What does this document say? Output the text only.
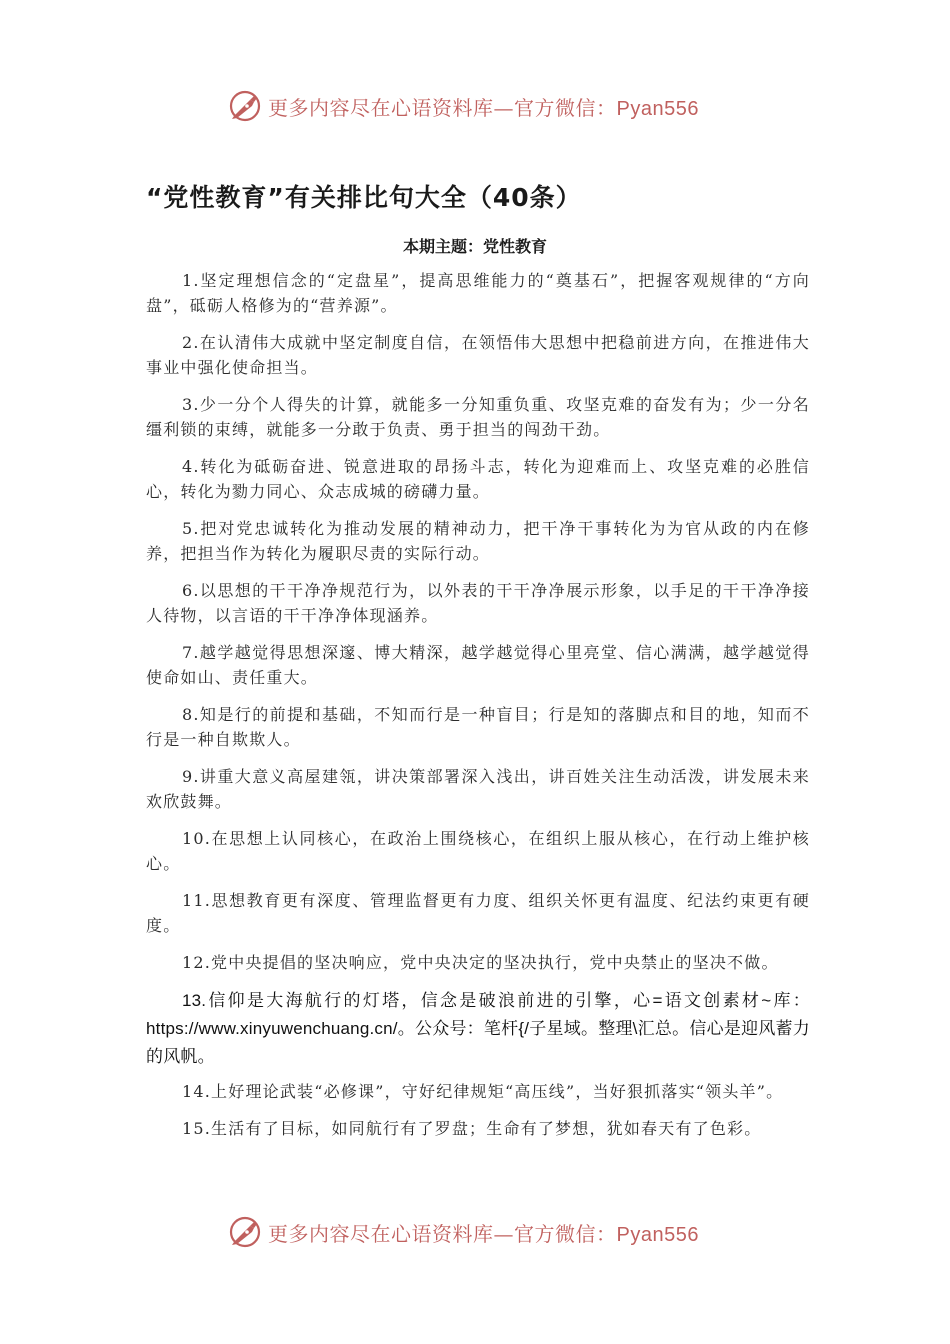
更多内容尽在心语资料库—官方微信：Pyan556
“党性教育”有关排比句大全（40条）
本期主题：党性教育

1.坚定理想信念的“定盘星”，提高思维能力的“奠基石”，把握客观规律的“方向盘”，砥砺人格修为的“营养源”。

2.在认清伟大成就中坚定制度自信，在领悟伟大思想中把稳前进方向，在推进伟大事业中强化使命担当。

3.少一分个人得失的计算，就能多一分知重负重、攻坚克难的奋发有为；少一分名缰利锁的束缚，就能多一分敢于负责、勇于担当的闯劲干劲。

4.转化为砥砺奋进、锐意进取的昂扬斗志，转化为迎难而上、攻坚克难的必胜信心，转化为勠力同心、众志成城的磅礴力量。

5.把对党忠诚转化为推动发展的精神动力，把干净干事转化为为官从政的内在修养，把担当作为转化为履职尽责的实际行动。

6.以思想的干干净净规范行为，以外表的干干净净展示形象，以手足的干干净净接人待物，以言语的干干净净体现涵养。

7.越学越觉得思想深邃、博大精深，越学越觉得心里亮堂、信心满满，越学越觉得使命如山、责任重大。

8.知是行的前提和基础，不知而行是一种盲目；行是知的落脚点和目的地，知而不行是一种自欺欺人。

9.讲重大意义高屋建瓴，讲决策部署深入浅出，讲百姓关注生动活泼，讲发展未来欢欣鼓舞。

10.在思想上认同核心，在政治上围绕核心，在组织上服从核心，在行动上维护核心。

11.思想教育更有深度、管理监督更有力度、组织关怀更有温度、纪法约束更有硬度。

12.党中央提倡的坚决响应，党中央决定的坚决执行，党中央禁止的坚决不做。

13.信仰是大海航行的灯塔，信念是破浪前进的引擎，心=语文创素材~库：https://www.xinyuwenchuang.cn/。公众号：笔杆{/子星域。整理\汇总。信心是迎风蓄力的风帆。

14.上好理论武装“必修课”，守好纪律规矩“高压线”，当好狠抓落实“领头羊”。

15.生活有了目标，如同航行有了罗盘；生命有了梦想，犹如春天有了色彩。

更多内容尽在心语资料库—官方微信：Pyan556
